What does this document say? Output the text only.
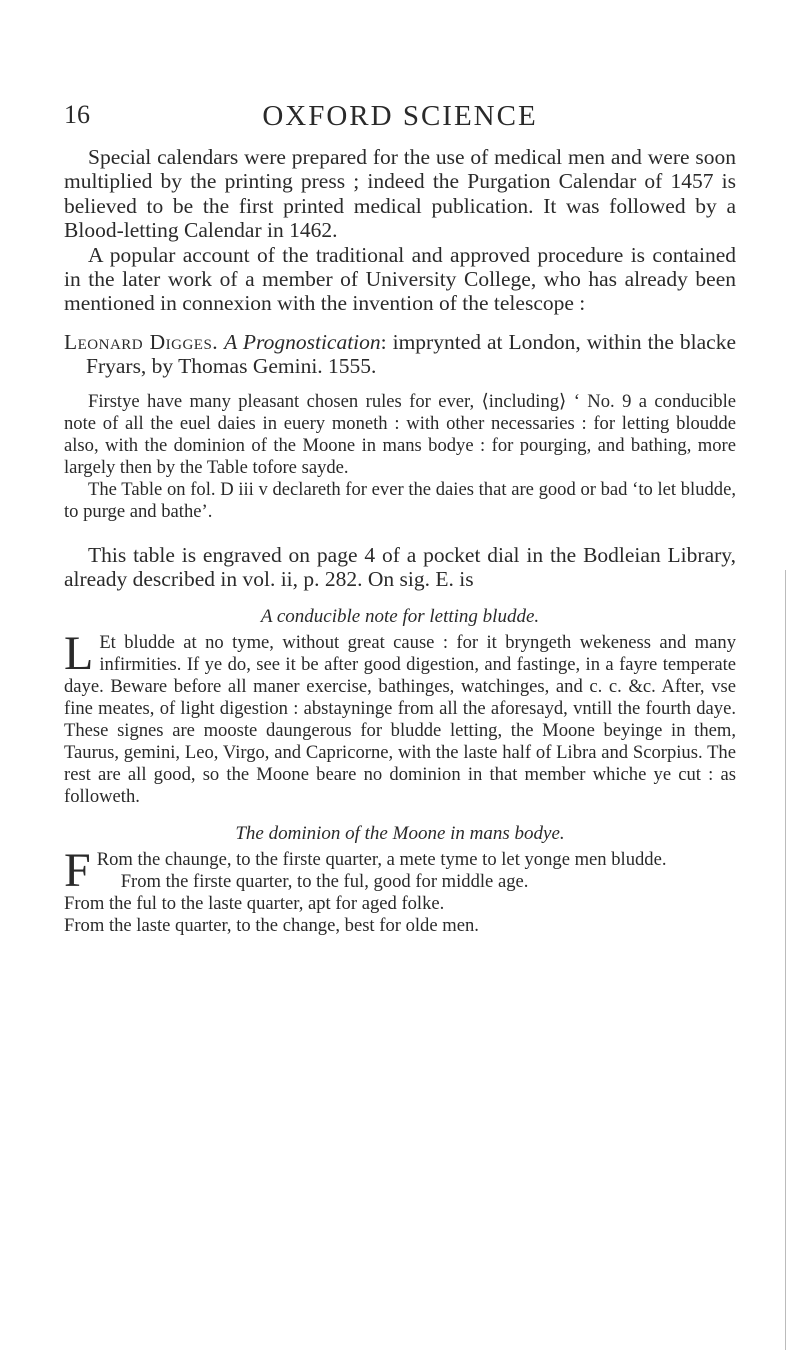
16	OXFORD SCIENCE

Special calendars were prepared for the use of medical men and were soon multiplied by the printing press ; indeed the Purgation Calendar of 1457 is believed to be the first printed medical publication. It was followed by a Blood-letting Calendar in 1462.

A popular account of the traditional and approved procedure is contained in the later work of a member of University College, who has already been mentioned in connexion with the invention of the telescope :

Leonard Digges. A Prognostication: imprynted at London, within the blacke Fryars, by Thomas Gemini. 1555.

Firstye have many pleasant chosen rules for ever, ⟨including⟩ ‘ No. 9 a conducible note of all the euel daies in euery moneth : with other necessaries : for letting bloudde also, with the dominion of the Moone in mans bodye : for pourging, and bathing, more largely then by the Table tofore sayde.

The Table on fol. D iii v declareth for ever the daies that are good or bad ‘to let bludde, to purge and bathe’.

This table is engraved on page 4 of a pocket dial in the Bodleian Library, already described in vol. ii, p. 282. On sig. E. is

A conducible note for letting bludde.
L Et bludde at no tyme, without great cause : for it bryngeth wekeness and many infirmities. If ye do, see it be after good digestion, and fastinge, in a fayre temperate daye. Beware before all maner exercise, bathinges, watchinges, and c. c. &c. After, vse fine meates, of light digestion : abstayninge from all the aforesayd, vntill the fourth daye. These signes are mooste daungerous for bludde letting, the Moone beyinge in them, Taurus, gemini, Leo, Virgo, and Capricorne, with the laste half of Libra and Scorpius. The rest are all good, so the Moone beare no dominion in that member whiche ye cut : as followeth.
The dominion of the Moone in mans bodye.
F Rom the chaunge, to the firste quarter, a mete tyme to let yonge men bludde.

From the firste quarter, to the ful, good for middle age.

From the ful to the laste quarter, apt for aged folke.

From the laste quarter, to the change, best for olde men.
